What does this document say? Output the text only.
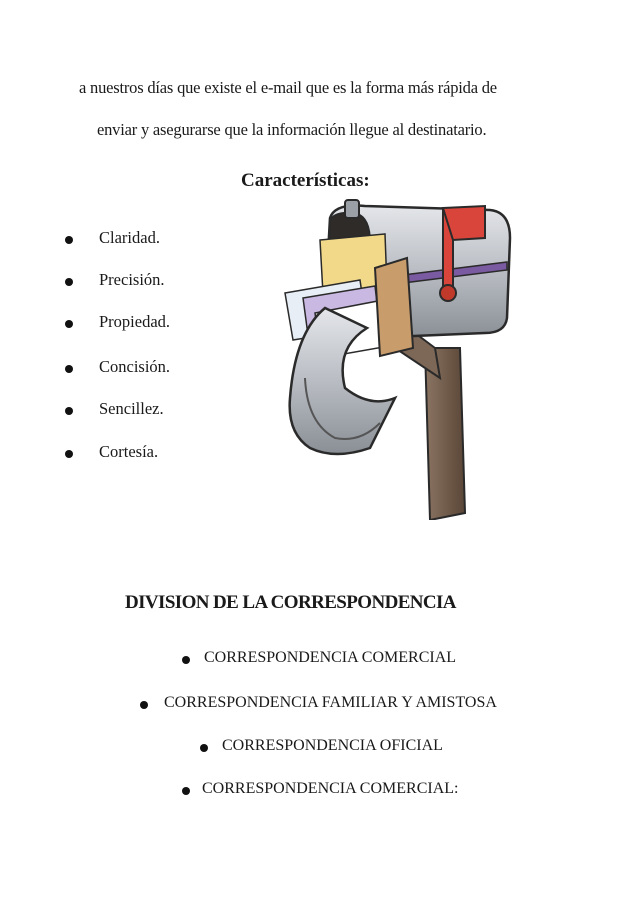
a nuestros días que existe el e-mail que es la forma más rápida de
enviar y asegurarse que la información llegue al destinatario.
Características:
Claridad.
Precisión.
Propiedad.
Concisión.
Sencillez.
Cortesía.
DIVISION DE LA CORRESPONDENCIA
CORRESPONDENCIA COMERCIAL
CORRESPONDENCIA FAMILIAR Y AMISTOSA
CORRESPONDENCIA OFICIAL
CORRESPONDENCIA COMERCIAL:
